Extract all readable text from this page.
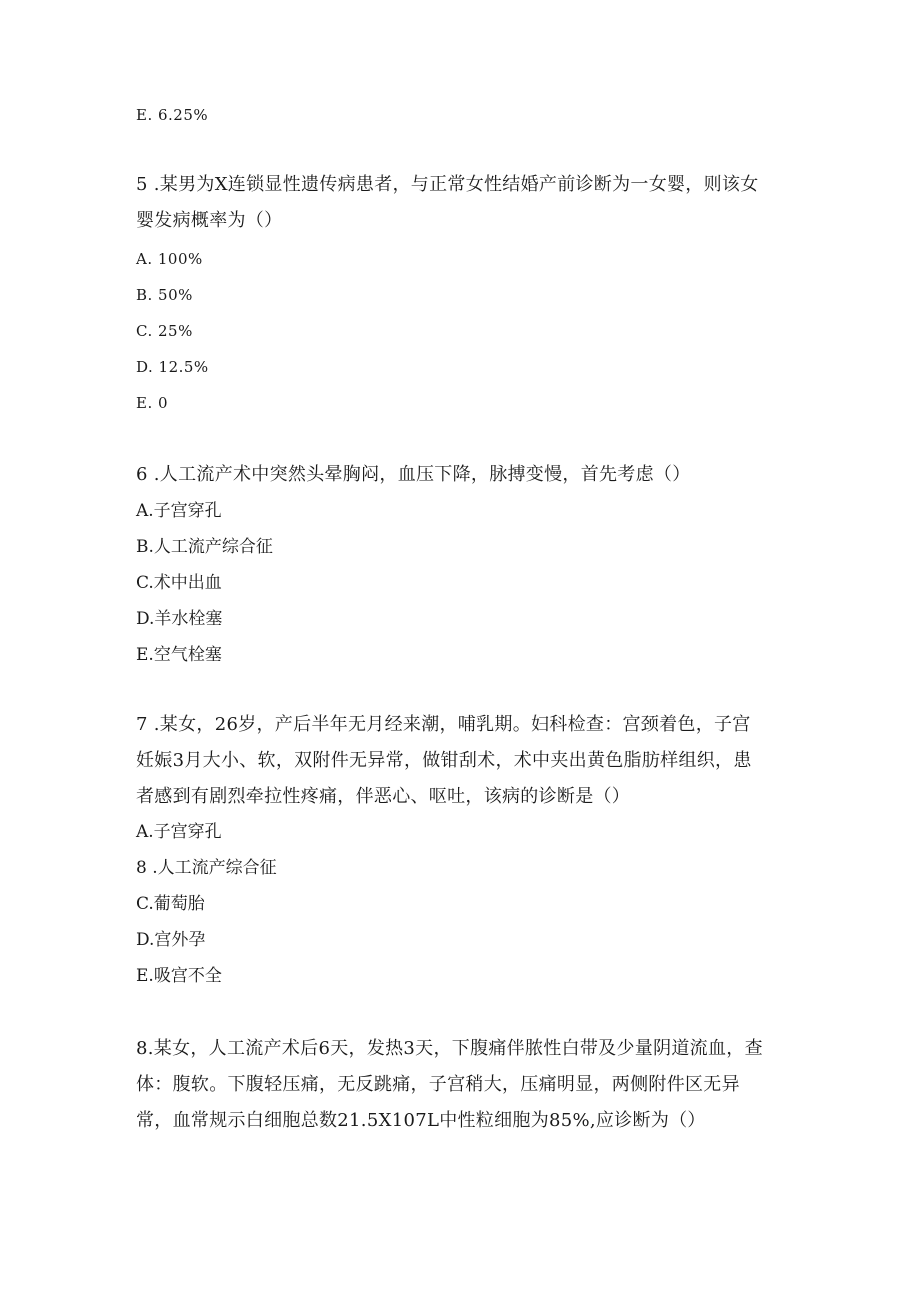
E. 6.25%
5 .某男为X连锁显性遗传病患者，与正常女性结婚产前诊断为一女婴，则该女
婴发病概率为（）
A. 100%
B. 50%
C. 25%
D. 12.5%
E. 0
6 .人工流产术中突然头晕胸闷，血压下降，脉搏变慢，首先考虑（）
A.子宫穿孔
B.人工流产综合征
C.术中出血
D.羊水栓塞
E.空气栓塞
7 .某女，26岁，产后半年无月经来潮，哺乳期。妇科检查：宫颈着色，子宫
妊娠3月大小、软，双附件无异常，做钳刮术，术中夹出黄色脂肪样组织，患
者感到有剧烈牵拉性疼痛，伴恶心、呕吐，该病的诊断是（）
A.子宫穿孔
8 .人工流产综合征
C.葡萄胎
D.宫外孕
E.吸宫不全
8.某女，人工流产术后6天，发热3天，下腹痛伴脓性白带及少量阴道流血，查
体：腹软。下腹轻压痛，无反跳痛，子宫稍大，压痛明显，两侧附件区无异
常，血常规示白细胞总数21.5X107L中性粒细胞为85%,应诊断为（）
